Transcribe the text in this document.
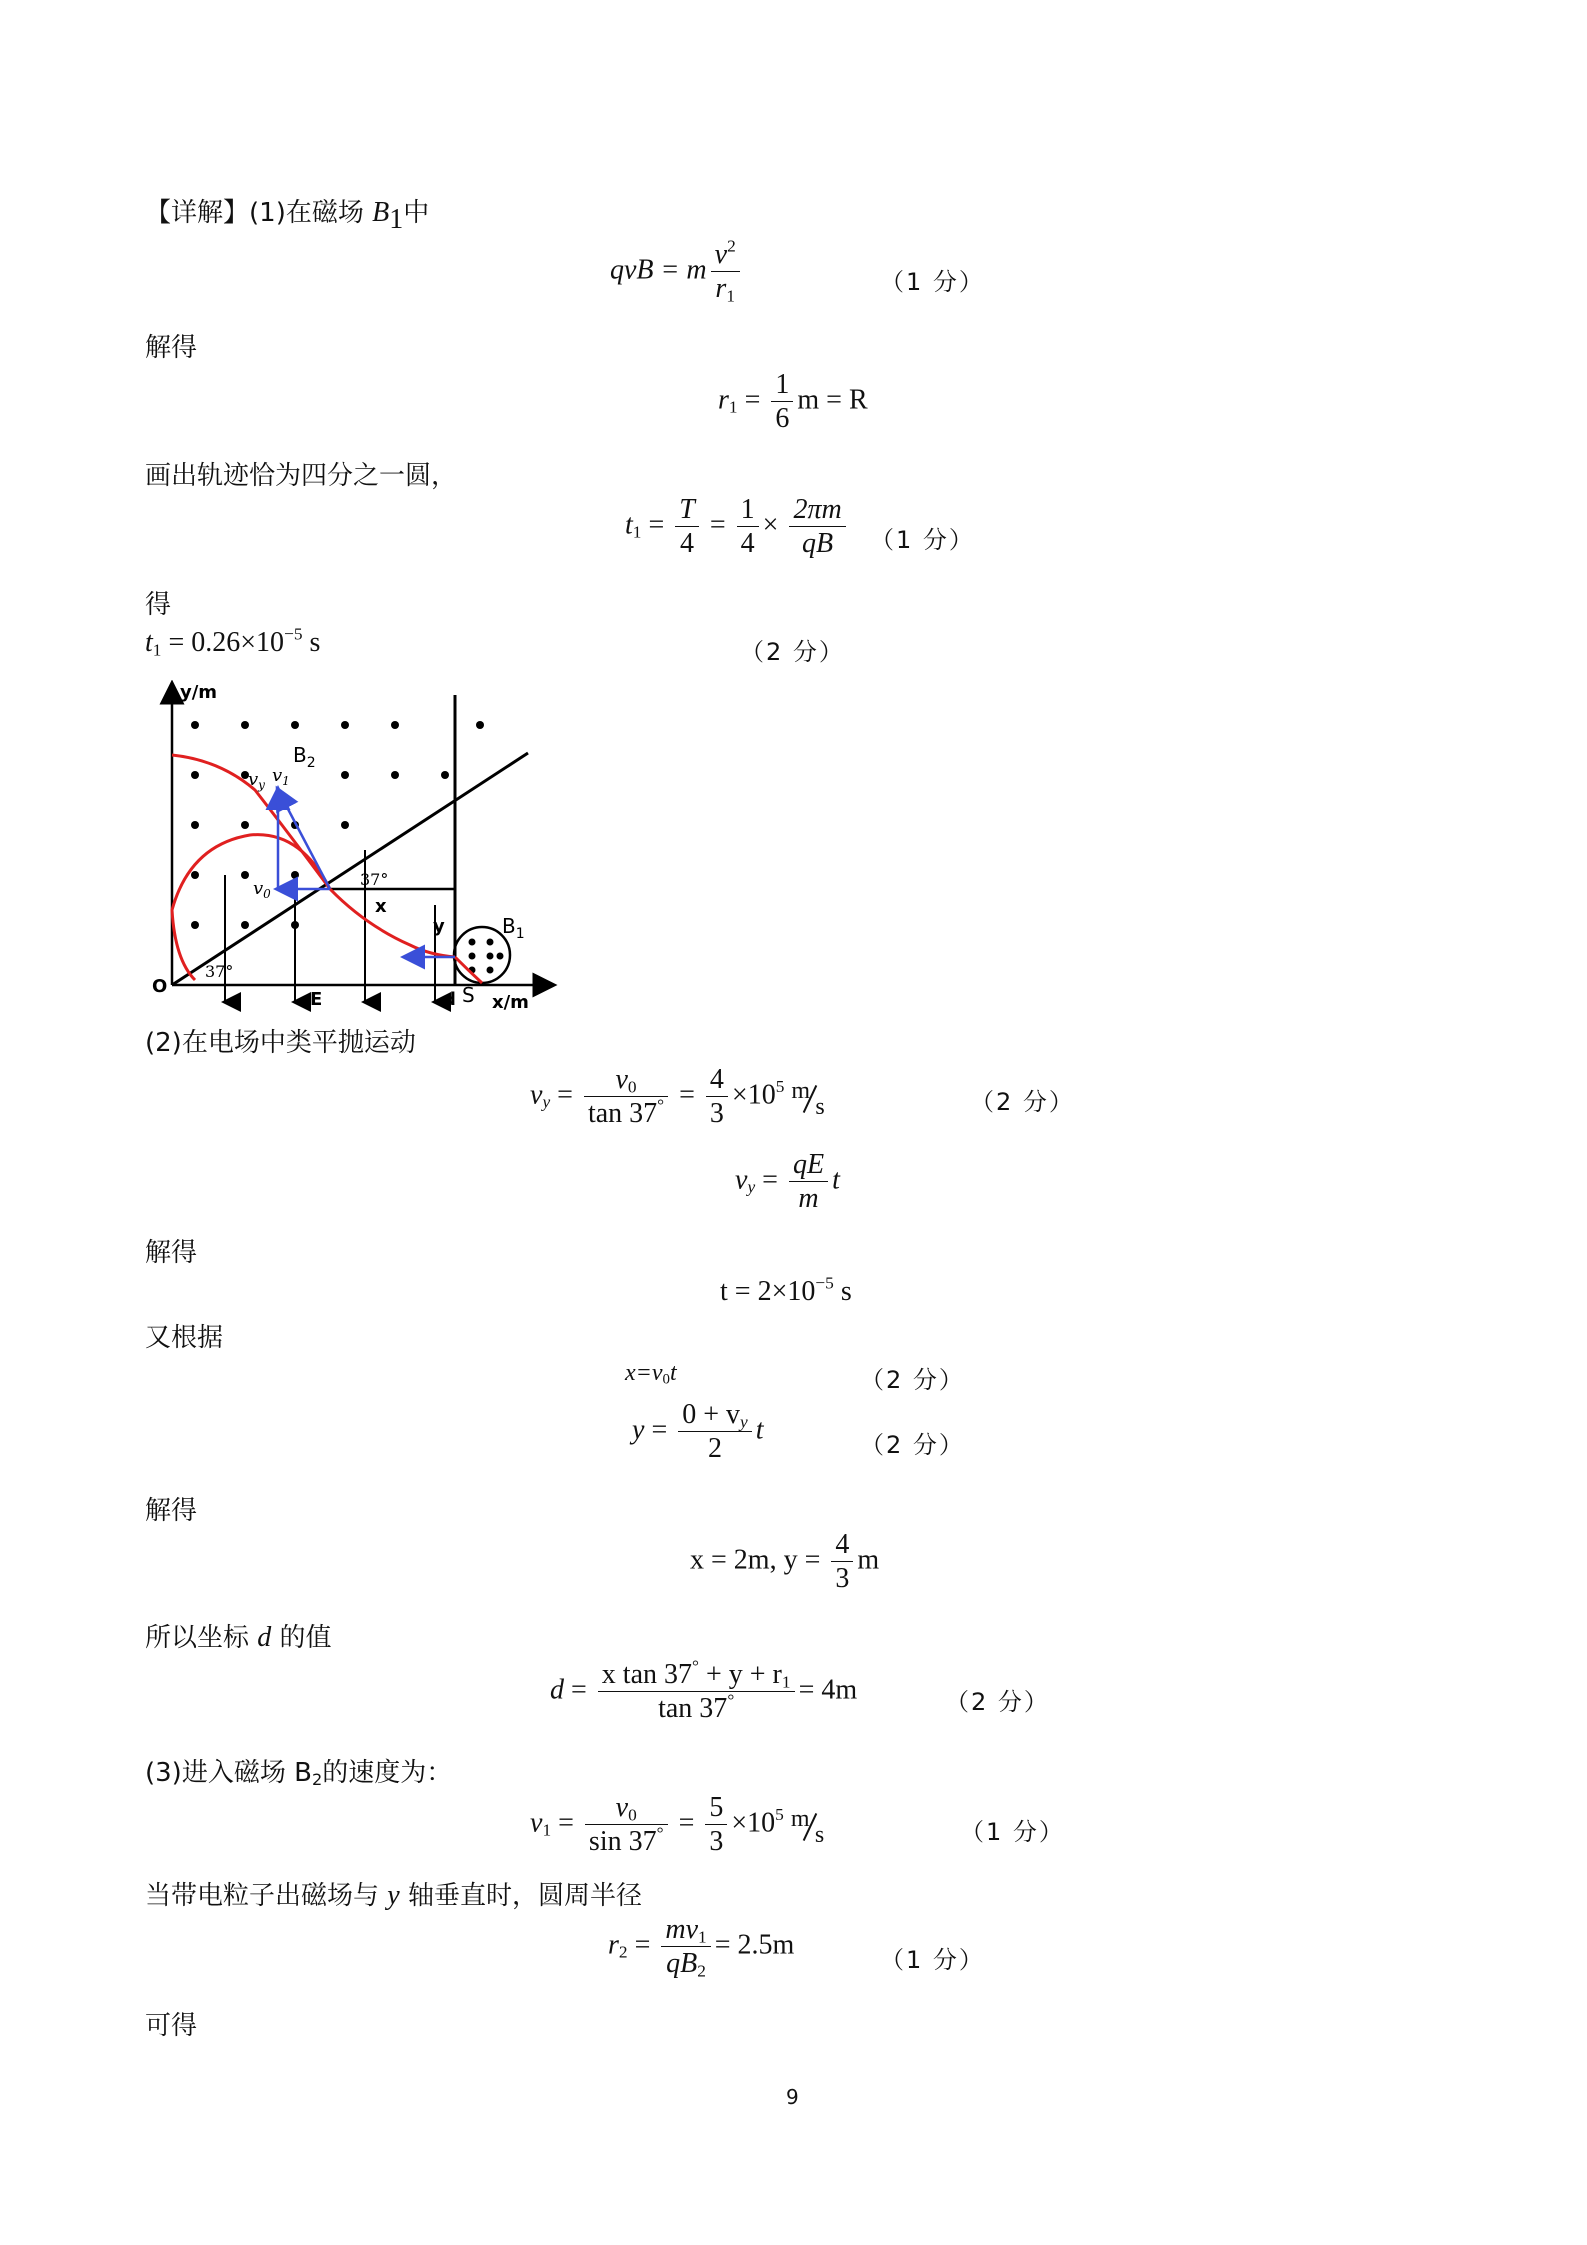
【详解】(1)在磁场 $B_1$中
qvB = m $\frac{v^2}{r_1}$	（1 分）
解得
$r_1 = \frac{1}{6}$ m = R
画出轨迹恰为四分之一圆，
$t_1 = \frac{T}{4} = \frac{1}{4} \times \frac{2\pi m}{qB} (1$ 分）
得
$t_1 = 0.26\times 10^{-5}$ s	（2 分）
y/m
x/m
O
$B_2$
$B_1$
E	d S
x
y
37°
37°
$v_y$ $v_1$
$v_0$
(2)在电场中类平抛运动
$v_y = \frac{v_0}{\tan 37^\circ} = \frac{4}{3} \times 10^5$ m
s	（2 分）
$v_y = \frac{qE}{m}$ t
解得
$t = 2\times 10^{-5}$ s
又根据
$x=v_0t$	（2 分）
$y = \frac{0 + v_y}{2}$ t	（2 分）
解得
x = 2m, $y = \frac{4}{3}$ m
所以坐标 d 的值
$d = \frac{x \tan 37^\circ + y + r_1}{\tan 37^\circ} = 4m$	（2 分）
(3)进入磁场 $B_2$的速度为：
$v_1 = \frac{v_0}{\sin 37^\circ} = \frac{5}{3} \times 10^5$ m
s	（1 分）
当带电粒子出磁场与 y 轴垂直时，圆周半径
$r_2 = \frac{mv_1}{qB_2} = 2.5m$	（1 分）
可得
9
